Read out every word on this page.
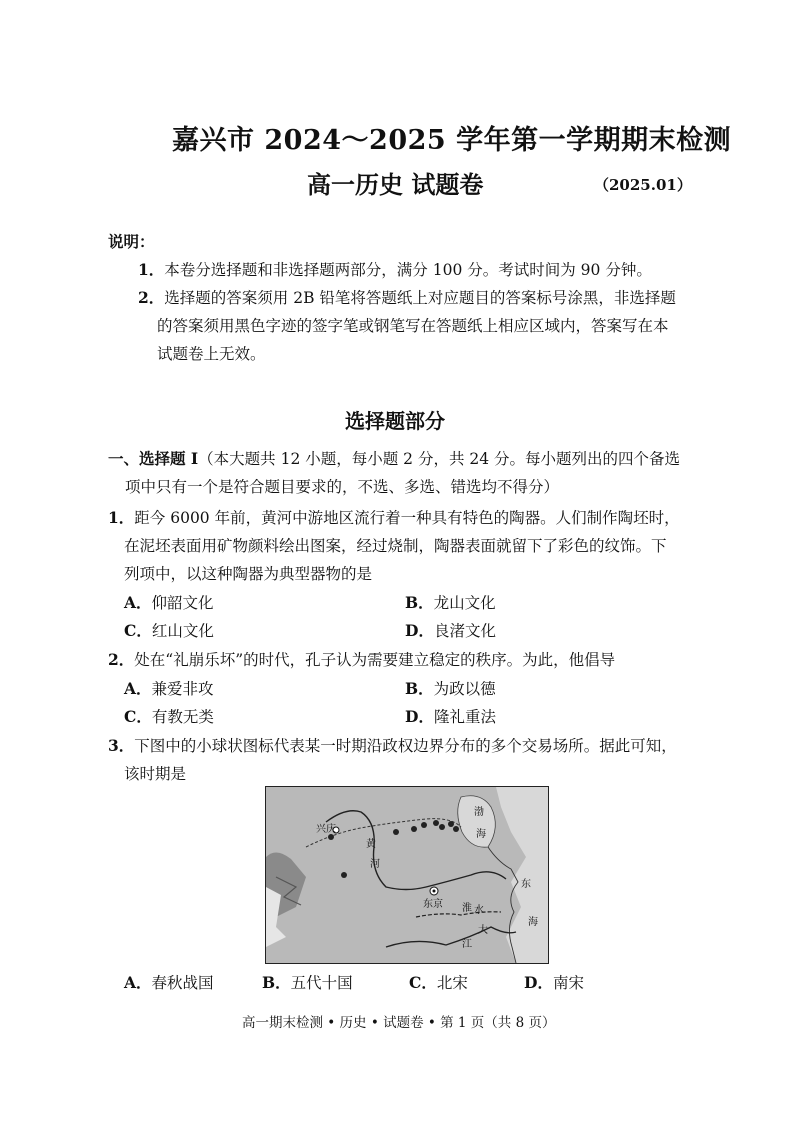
嘉兴市 2024～2025 学年第一学期期末检测
高一历史 试题卷	（2025.01）
说明：
1．本卷分选择题和非选择题两部分，满分 100 分。考试时间为 90 分钟。
2．选择题的答案须用 2B 铅笔将答题纸上对应题目的答案标号涂黑，非选择题
的答案须用黑色字迹的签字笔或钢笔写在答题纸上相应区域内，答案写在本
试题卷上无效。
选择题部分
一、选择题 I（本大题共 12 小题，每小题 2 分，共 24 分。每小题列出的四个备选
项中只有一个是符合题目要求的，不选、多选、错选均不得分）
1．距今 6000 年前，黄河中游地区流行着一种具有特色的陶器。人们制作陶坯时，
在泥坯表面用矿物颜料绘出图案，经过烧制，陶器表面就留下了彩色的纹饰。下
列项中，以这种陶器为典型器物的是
A．仰韶文化	B．龙山文化
C．红山文化	D．良渚文化
2．处在“礼崩乐坏”的时代，孔子认为需要建立稳定的秩序。为此，他倡导
A．兼爱非攻	B．为政以德
C．有教无类	D．隆礼重法
3．下图中的小球状图标代表某一时期沿政权边界分布的多个交易场所。据此可知，
该时期是
兴庆
渤
海
黄
河
东京
东
海
淮 水
大
江
A．春秋战国	B．五代十国	C．北宋	D．南宋
高一期末检测 • 历史 • 试题卷 • 第 1 页（共 8 页）
